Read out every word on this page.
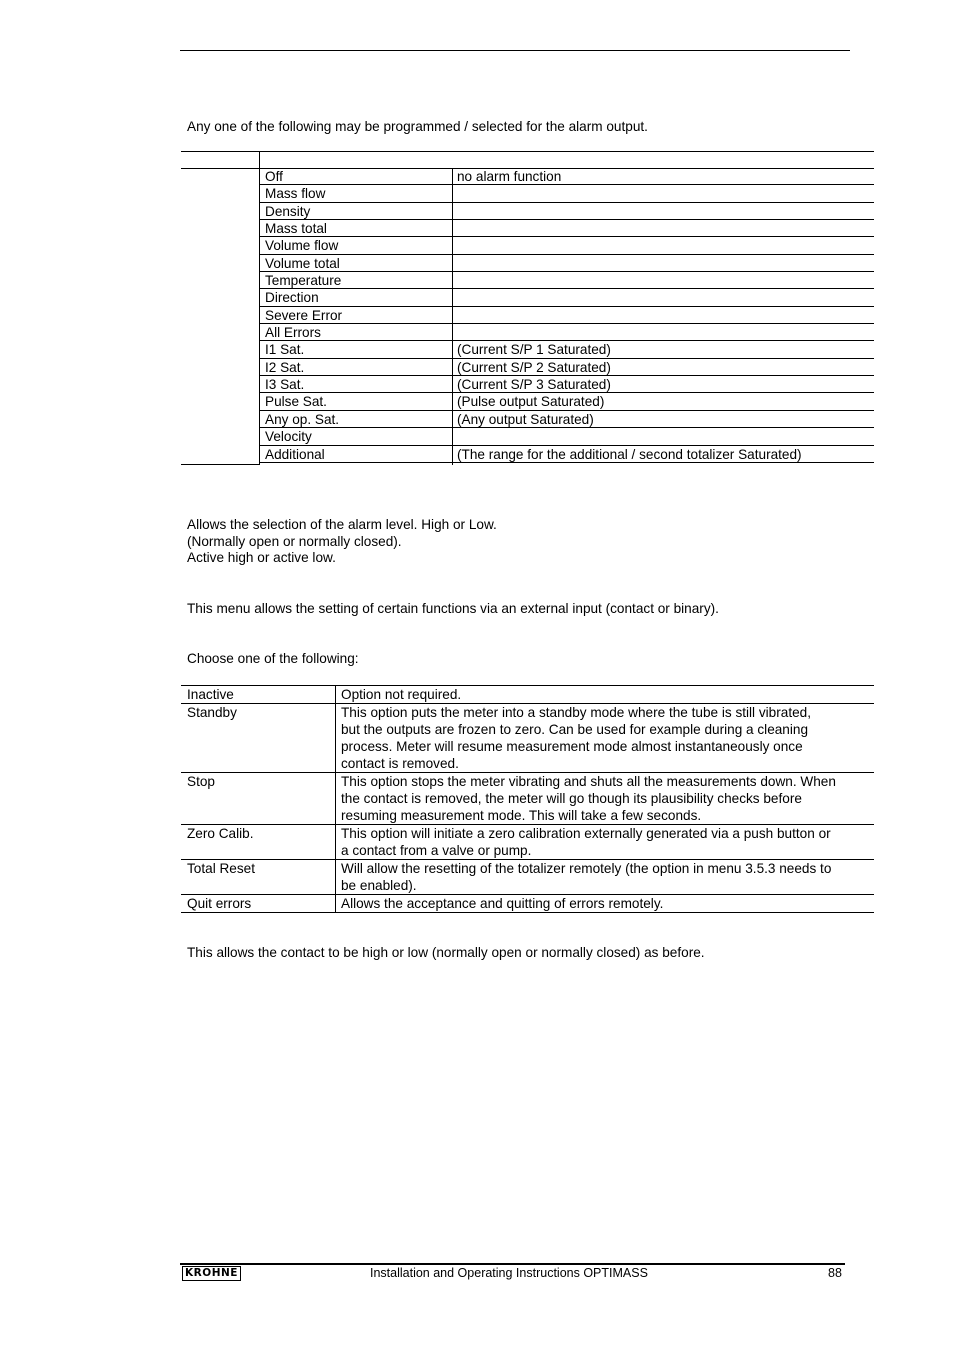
Any one of the following may be programmed / selected for the alarm output.
Off	no alarm function
Mass flow
Density
Mass total
Volume flow
Volume total
Temperature
Direction
Severe Error
All Errors
I1 Sat.	(Current S/P 1 Saturated)
I2 Sat.	(Current S/P 2 Saturated)
I3 Sat.	(Current S/P 3 Saturated)
Pulse Sat.	(Pulse output Saturated)
Any op. Sat.	(Any output Saturated)
Velocity
Additional	(The range for the additional / second totalizer Saturated)
Allows the selection of the alarm level. High or Low.
(Normally open or normally closed).
Active high or active low.
This menu allows the setting of certain functions via an external input (contact or binary).
Choose one of the following:
Inactive	Option not required.
Standby	This option puts the meter into a standby mode where the tube is still vibrated,
but the outputs are frozen to zero. Can be used for example during a cleaning
process. Meter will resume measurement mode almost instantaneously once
contact is removed.
Stop	This option stops the meter vibrating and shuts all the measurements down. When
the contact is removed, the meter will go though its plausibility checks before
resuming measurement mode. This will take a few seconds.
Zero Calib.	This option will initiate a zero calibration externally generated via a push button or
a contact from a valve or pump.
Total Reset	Will allow the resetting of the totalizer remotely (the option in menu 3.5.3 needs to
be enabled).
Quit errors	Allows the acceptance and quitting of errors remotely.
This allows the contact to be high or low (normally open or normally closed) as before.
KROHNE	Installation and Operating Instructions OPTIMASS	88
